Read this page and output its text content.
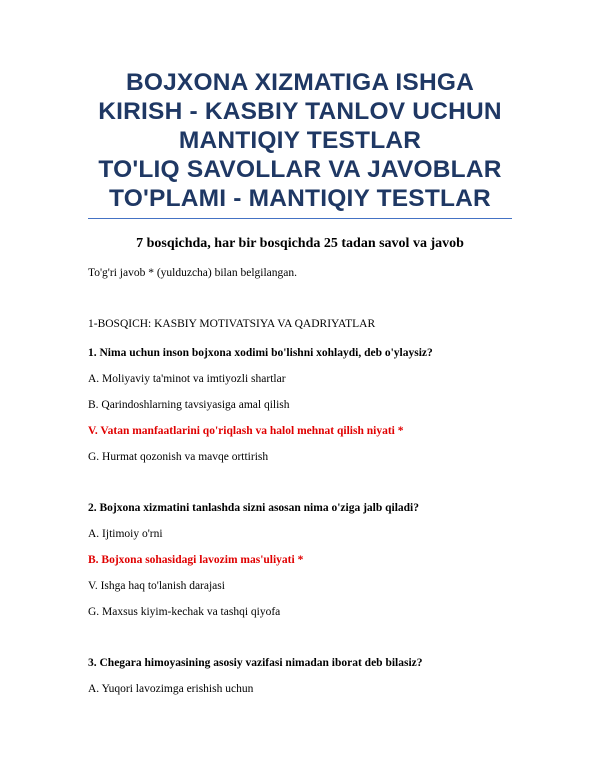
BOJXONA XIZMATIGA ISHGA
KIRISH - KASBIY TANLOV UCHUN
MANTIQIY TESTLAR
TO'LIQ SAVOLLAR VA JAVOBLAR
TO'PLAMI - MANTIQIY TESTLAR

7 bosqichda, har bir bosqichda 25 tadan savol va javob

To'g'ri javob * (yulduzcha) bilan belgilangan.

1-BOSQICH: KASBIY MOTIVATSIYA VA QADRIYATLAR

1. Nima uchun inson bojxona xodimi bo'lishni xohlaydi, deb o'ylaysiz?

A. Moliyaviy ta'minot va imtiyozli shartlar

B. Qarindoshlarning tavsiyasiga amal qilish

V. Vatan manfaatlarini qo'riqlash va halol mehnat qilish niyati *

G. Hurmat qozonish va mavqe orttirish

2. Bojxona xizmatini tanlashda sizni asosan nima o'ziga jalb qiladi?

A. Ijtimoiy o'rni

B. Bojxona sohasidagi lavozim mas'uliyati *

V. Ishga haq to'lanish darajasi

G. Maxsus kiyim-kechak va tashqi qiyofa

3. Chegara himoyasining asosiy vazifasi nimadan iborat deb bilasiz?

A. Yuqori lavozimga erishish uchun
